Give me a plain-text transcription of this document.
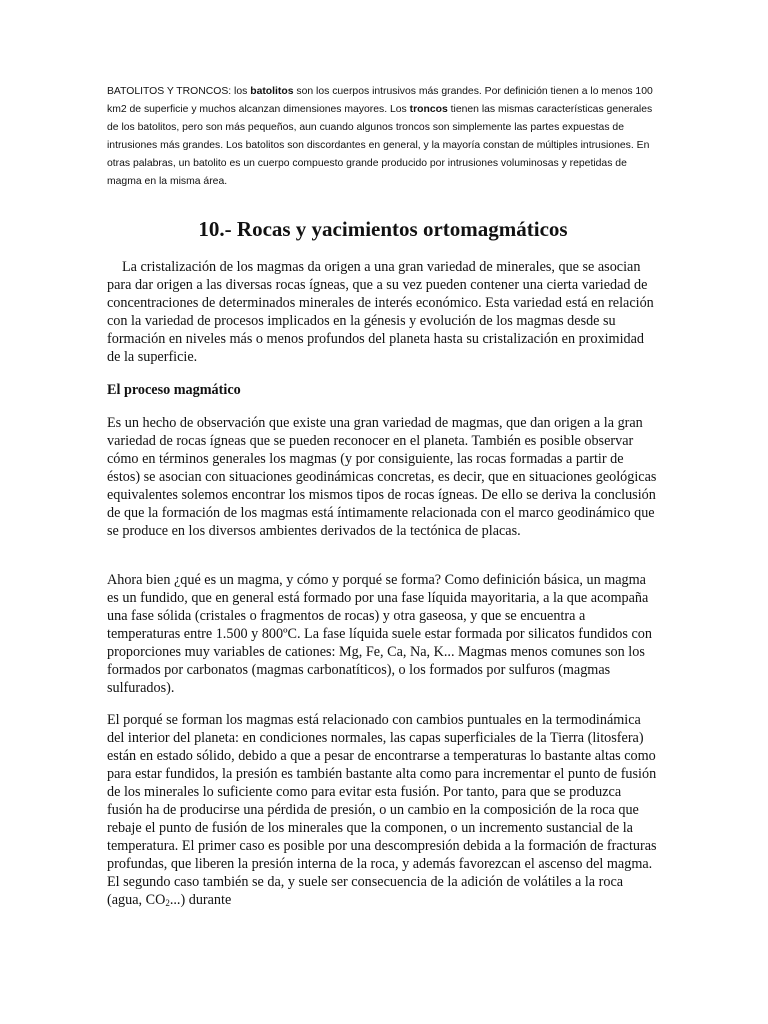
BATOLITOS Y TRONCOS: los batolitos son los cuerpos intrusivos más grandes. Por definición tienen a lo menos 100 km2 de superficie y muchos alcanzan dimensiones mayores. Los troncos tienen las mismas características generales de los batolitos, pero son más pequeños, aun cuando algunos troncos son simplemente las partes expuestas de intrusiones más grandes. Los batolitos son discordantes en general, y la mayoría constan de múltiples intrusiones. En otras palabras, un batolito es un cuerpo compuesto grande producido por intrusiones voluminosas y repetidas de magma en la misma área.

10.- Rocas y yacimientos ortomagmáticos

La cristalización de los magmas da origen a una gran variedad de minerales, que se asocian para dar origen a las diversas rocas ígneas, que a su vez pueden contener una cierta variedad de concentraciones de determinados minerales de interés económico. Esta variedad está en relación con la variedad de procesos implicados en la génesis y evolución de los magmas desde su formación en niveles más o menos profundos del planeta hasta su cristalización en proximidad de la superficie.

El proceso magmático

Es un hecho de observación que existe una gran variedad de magmas, que dan origen a la gran variedad de rocas ígneas que se pueden reconocer en el planeta. También es posible observar cómo en términos generales los magmas (y por consiguiente, las rocas formadas a partir de éstos) se asocian con situaciones geodinámicas concretas, es decir, que en situaciones geológicas equivalentes solemos encontrar los mismos tipos de rocas ígneas. De ello se deriva la conclusión de que la formación de los magmas está íntimamente relacionada con el marco geodinámico que se produce en los diversos ambientes derivados de la tectónica de placas.

Ahora bien ¿qué es un magma, y cómo y porqué se forma? Como definición básica, un magma es un fundido, que en general está formado por una fase líquida mayoritaria, a la que acompaña una fase sólida (cristales o fragmentos de rocas) y otra gaseosa, y que se encuentra a temperaturas entre 1.500 y 800ºC. La fase líquida suele estar formada por silicatos fundidos con proporciones muy variables de cationes: Mg, Fe, Ca, Na, K... Magmas menos comunes son los formados por carbonatos (magmas carbonatíticos), o los formados por sulfuros (magmas sulfurados).

El porqué se forman los magmas está relacionado con cambios puntuales en la termodinámica del interior del planeta: en condiciones normales, las capas superficiales de la Tierra (litosfera) están en estado sólido, debido a que a pesar de encontrarse a temperaturas lo bastante altas como para estar fundidos, la presión es también bastante alta como para incrementar el punto de fusión de los minerales lo suficiente como para evitar esta fusión. Por tanto, para que se produzca fusión ha de producirse una pérdida de presión, o un cambio en la composición de la roca que rebaje el punto de fusión de los minerales que la componen, o un incremento sustancial de la temperatura. El primer caso es posible por una descompresión debida a la formación de fracturas profundas, que liberen la presión interna de la roca, y además favorezcan el ascenso del magma. El segundo caso también se da, y suele ser consecuencia de la adición de volátiles a la roca (agua, $CO_2$...) durante
